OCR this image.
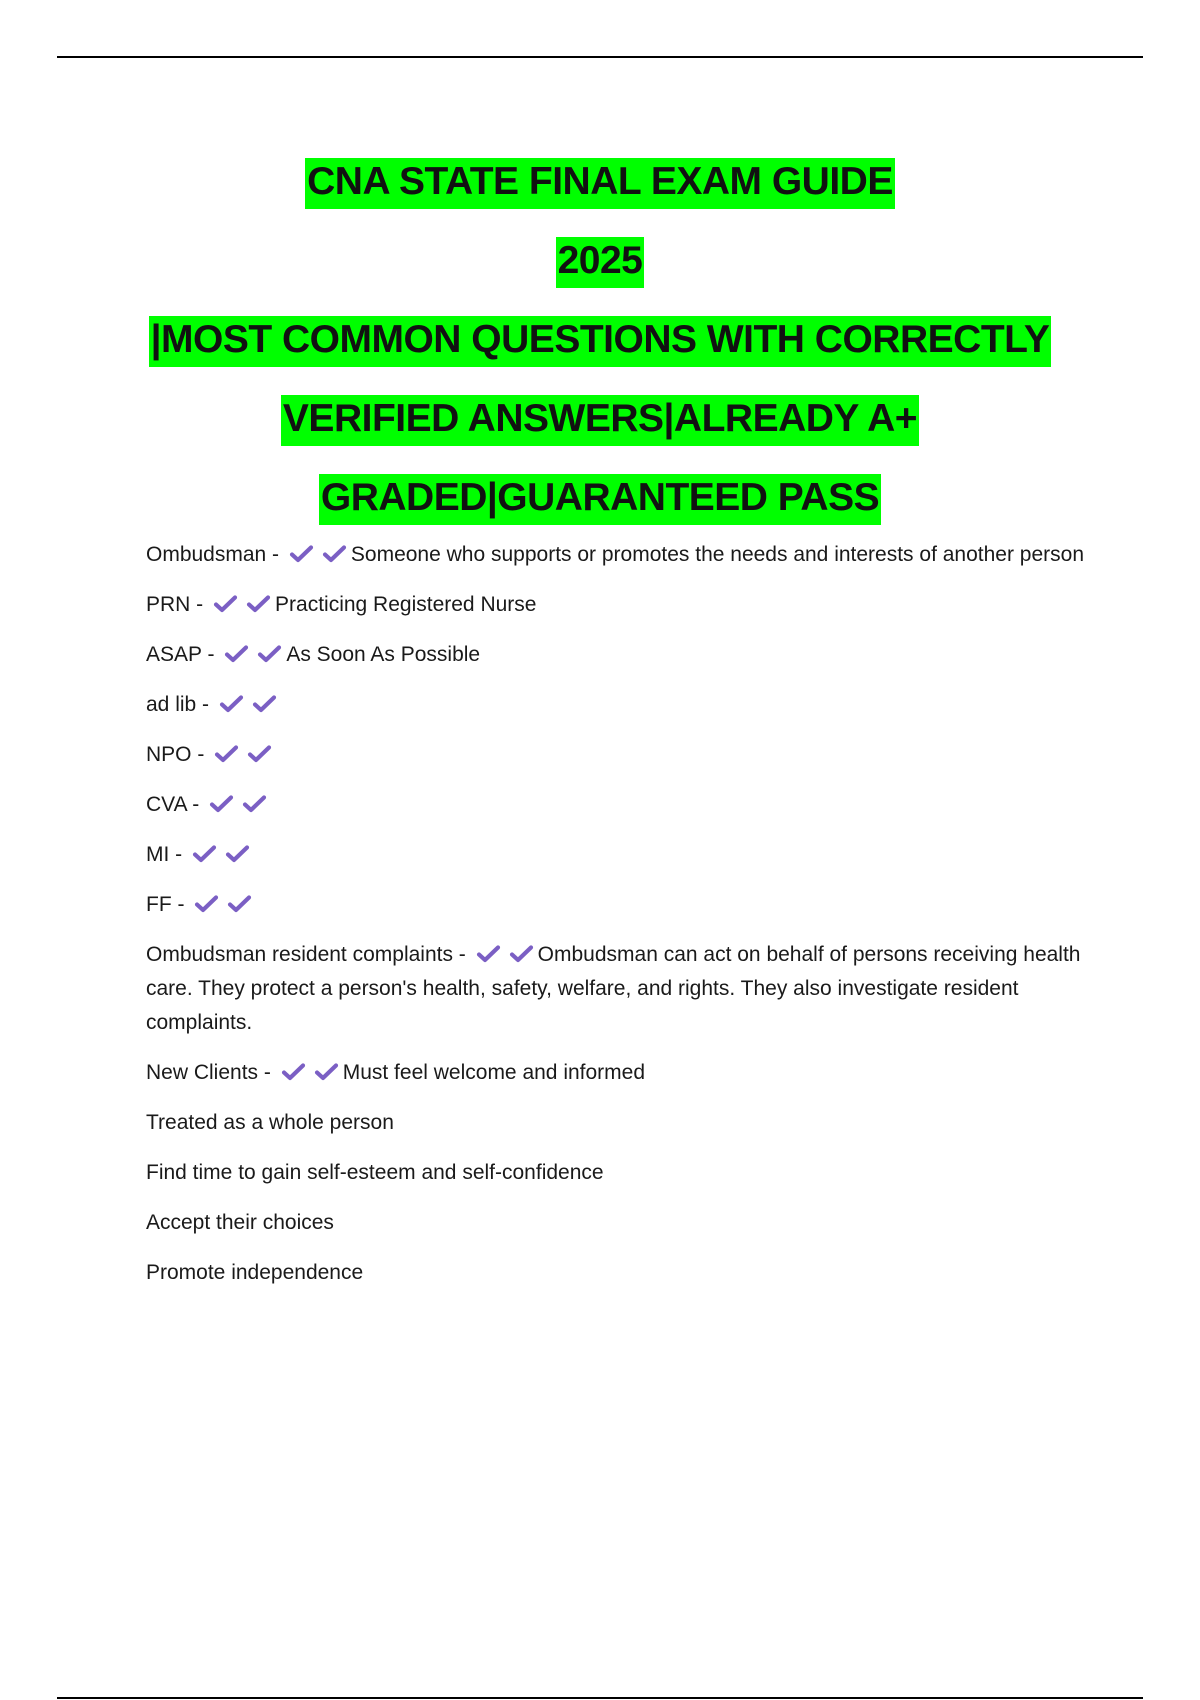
CNA STATE FINAL EXAM GUIDE
2025
|MOST COMMON QUESTIONS WITH CORRECTLY
VERIFIED ANSWERS|ALREADY A+
GRADED|GUARANTEED PASS
Ombudsman -	Someone who supports or promotes the needs and interests of another person
PRN -	Practicing Registered Nurse
ASAP -	As Soon As Possible
ad lib -
NPO -
CVA -
MI -
FF -
Ombudsman resident complaints -	Ombudsman can act on behalf of persons receiving health care. They protect a person's health, safety, welfare, and rights. They also investigate resident complaints.
New Clients -	Must feel welcome and informed
Treated as a whole person
Find time to gain self-esteem and self-confidence
Accept their choices
Promote independence
